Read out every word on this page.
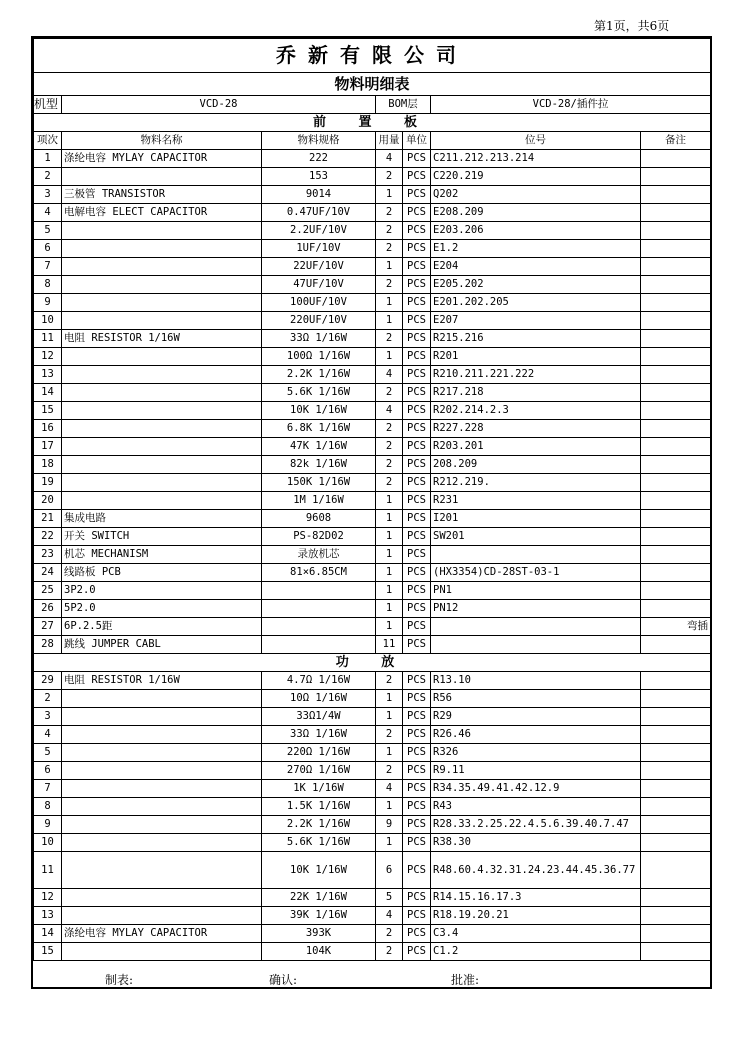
第1页，共6页
乔新有限公司						
物料明细表						
机型	VCD-28		BOM层		VCD-28/插件拉	
前 置 板						
项次	物料名称	物料规格	用量	单位	位号	备注
1	涤纶电容 MYLAY CAPACITOR	222	4	PCS	C211.212.213.214	
2		153	2	PCS	C220.219	
3	三极管 TRANSISTOR	9014	1	PCS	Q202	
4	电解电容 ELECT CAPACITOR	0.47UF/10V	2	PCS	E208.209	
5		2.2UF/10V	2	PCS	E203.206	
6		1UF/10V	2	PCS	E1.2	
7		22UF/10V	1	PCS	E204	
8		47UF/10V	2	PCS	E205.202	
9		100UF/10V	1	PCS	E201.202.205	
10		220UF/10V	1	PCS	E207	
11	电阻 RESISTOR 1/16W	33Ω 1/16W	2	PCS	R215.216	
12		100Ω 1/16W	1	PCS	R201	
13		2.2K 1/16W	4	PCS	R210.211.221.222	
14		5.6K 1/16W	2	PCS	R217.218	
15		10K 1/16W	4	PCS	R202.214.2.3	
16		6.8K 1/16W	2	PCS	R227.228	
17		47K 1/16W	2	PCS	R203.201	
18		82k 1/16W	2	PCS	208.209	
19		150K 1/16W	2	PCS	R212.219.	
20		1M 1/16W	1	PCS	R231	
21	集成电路	9608	1	PCS	I201	
22	开关 SWITCH	PS-82D02	1	PCS	SW201	
23	机芯 MECHANISM	录放机芯	1	PCS		
24	线路板 PCB	81×6.85CM	1	PCS	(HX3354)CD-28ST-03-1	
25	3P2.0		1	PCS	PN1	
26	5P2.0		1	PCS	PN12	
27	6P.2.5距		1	PCS		弯插
28	跳线 JUMPER CABL		11	PCS		
功 放						
29	电阻 RESISTOR 1/16W	4.7Ω 1/16W	2	PCS	R13.10	
2		10Ω 1/16W	1	PCS	R56	
3		33Ω1/4W	1	PCS	R29	
4		33Ω 1/16W	2	PCS	R26.46	
5		220Ω 1/16W	1	PCS	R326	
6		270Ω 1/16W	2	PCS	R9.11	
7		1K 1/16W	4	PCS	R34.35.49.41.42.12.9	
8		1.5K 1/16W	1	PCS	R43	
9		2.2K 1/16W	9	PCS	R28.33.2.25.22.4.5.6.39.40.7.47	
10		5.6K 1/16W	1	PCS	R38.30	
11		10K 1/16W	6	PCS	R48.60.4.32.31.24.23.44.45.36.77	
12		22K 1/16W	5	PCS	R14.15.16.17.3	
13		39K 1/16W	4	PCS	R18.19.20.21	
14	涤纶电容 MYLAY CAPACITOR	393K	2	PCS	C3.4	
15		104K	2	PCS	C1.2	
制表:	确认:	批准:
